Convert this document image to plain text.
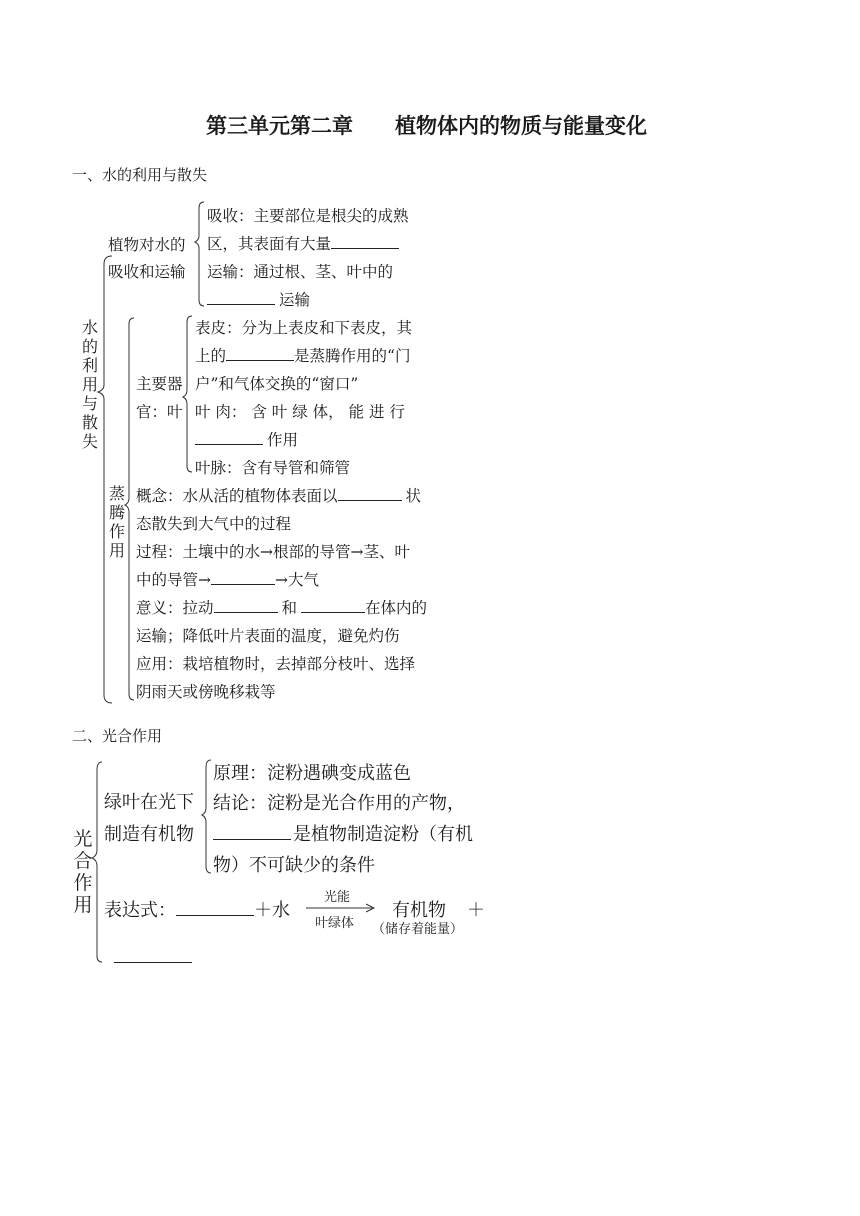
第三单元第二章　　植物体内的物质与能量变化
一、水的利用与散失
水的利用与散失
植物对水的
吸收和运输
吸收：主要部位是根尖的成熟
区，其表面有大量
运输：通过根、茎、叶中的
运输
蒸腾作用
主要器
官：叶
表皮：分为上表皮和下表皮，其
上的	是蒸腾作用的“门
户”和气体交换的“窗口”
叶 肉： 含 叶 绿 体， 能 进 行
作用
叶脉：含有导管和筛管
概念：水从活的植物体表面以	状
态散失到大气中的过程
过程：土壤中的水→根部的导管→茎、叶
中的导管→	→大气
意义：拉动	和	在体内的
运输；降低叶片表面的温度，避免灼伤
应用：栽培植物时，去掉部分枝叶、选择
阴雨天或傍晚移栽等
二、光合作用
光合作用
绿叶在光下
制造有机物
原理：淀粉遇碘变成蓝色
结论：淀粉是光合作用的产物，
是植物制造淀粉（有机
物）不可缺少的条件
表达式：	＋水
光能
叶绿体
有机物
（储存着能量）
＋
